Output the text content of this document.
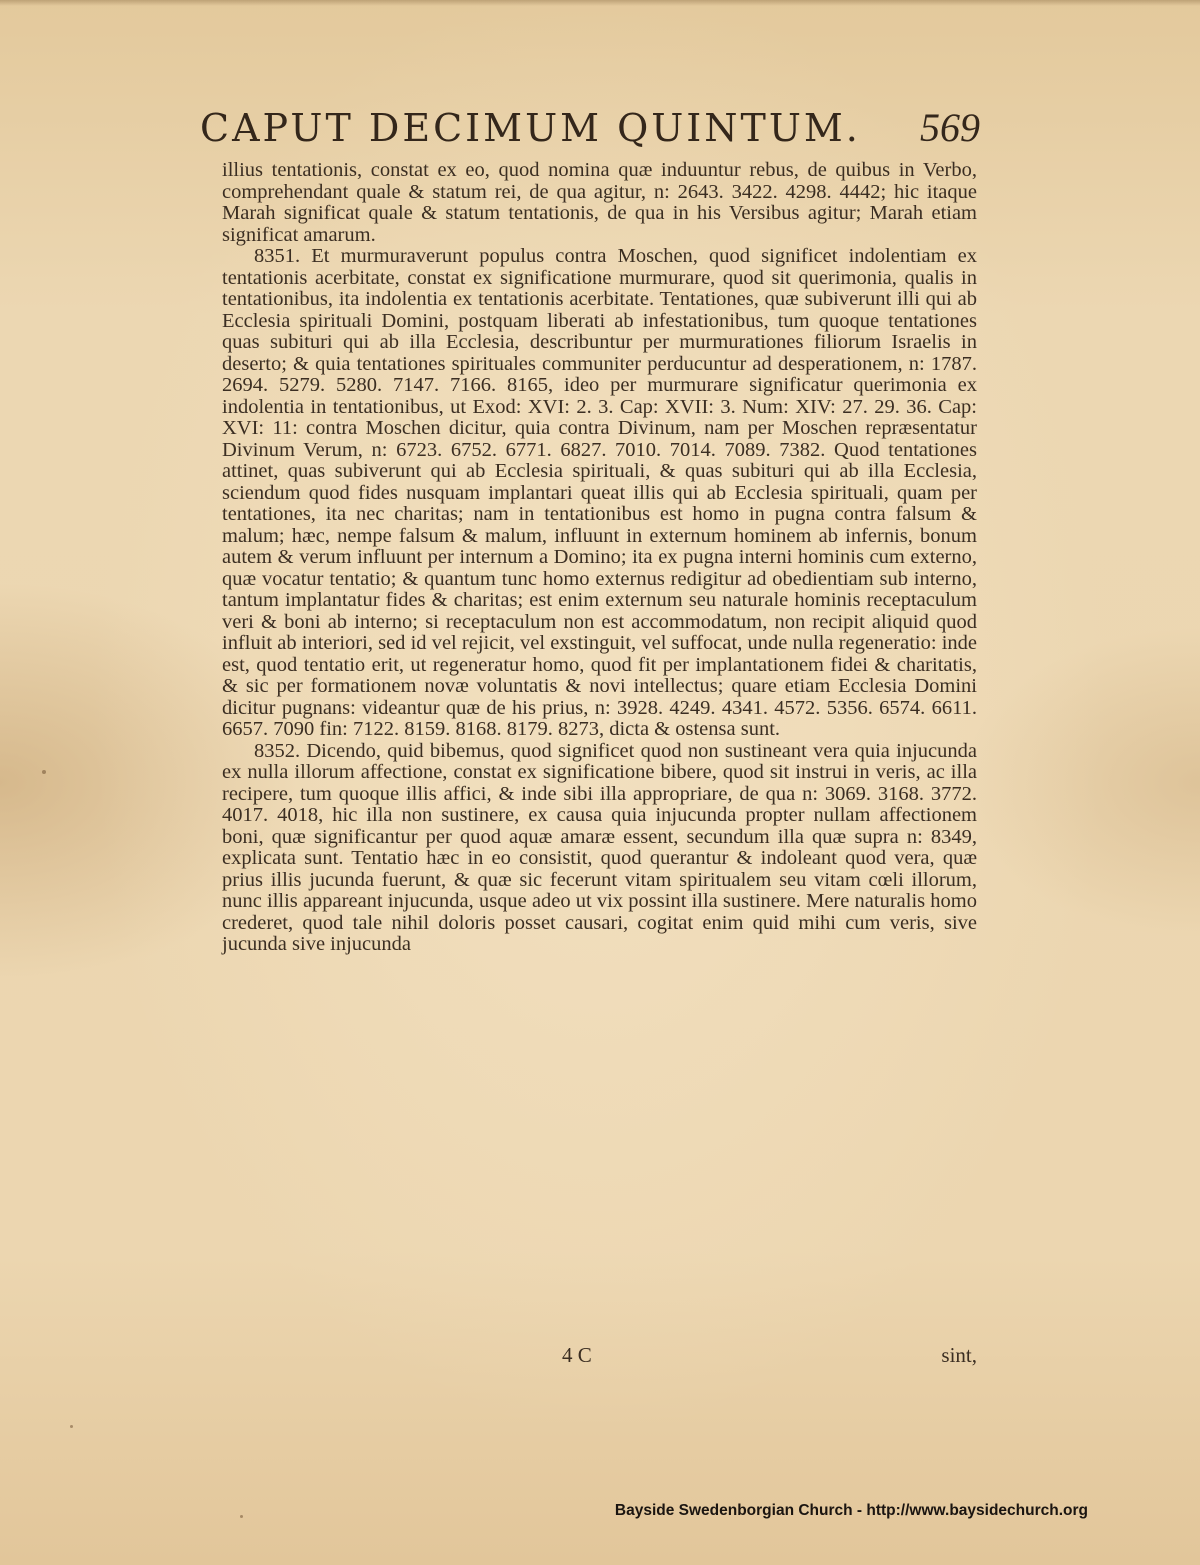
CAPUT DECIMUM QUINTUM. 569

illius tentationis, constat ex eo, quod nomina quæ induuntur rebus, de quibus in Verbo, comprehendant quale & statum rei, de qua agitur, n: 2643. 3422. 4298. 4442; hic itaque Marah significat quale & statum tentationis, de qua in his Versibus agitur; Marah etiam significat amarum.

8351. Et murmuraverunt populus contra Moschen, quod significet indolentiam ex tentationis acerbitate, constat ex significatione murmurare, quod sit querimonia, qualis in tentationibus, ita indolentia ex tentationis acerbitate. Tentationes, quæ subiverunt illi qui ab Ecclesia spirituali Domini, postquam liberati ab infestationibus, tum quoque tentationes quas subituri qui ab illa Ecclesia, describuntur per murmurationes filiorum Israelis in deserto; & quia tentationes spirituales communiter perducuntur ad desperationem, n: 1787. 2694. 5279. 5280. 7147. 7166. 8165, ideo per murmurare significatur querimonia ex indolentia in tentationibus, ut Exod: XVI: 2. 3. Cap: XVII: 3. Num: XIV: 27. 29. 36. Cap: XVI: 11: contra Moschen dicitur, quia contra Divinum, nam per Moschen repræsentatur Divinum Verum, n: 6723. 6752. 6771. 6827. 7010. 7014. 7089. 7382. Quod tentationes attinet, quas subiverunt qui ab Ecclesia spirituali, & quas subituri qui ab illa Ecclesia, sciendum quod fides nusquam implantari queat illis qui ab Ecclesia spirituali, quam per tentationes, ita nec charitas; nam in tentationibus est homo in pugna contra falsum & malum; hæc, nempe falsum & malum, influunt in externum hominem ab infernis, bonum autem & verum influunt per internum a Domino; ita ex pugna interni hominis cum externo, quæ vocatur tentatio; & quantum tunc homo externus redigitur ad obedientiam sub interno, tantum implantatur fides & charitas; est enim externum seu naturale hominis receptaculum veri & boni ab interno; si receptaculum non est accommodatum, non recipit aliquid quod influit ab interiori, sed id vel rejicit, vel exstinguit, vel suffocat, unde nulla regeneratio: inde est, quod tentatio erit, ut regeneratur homo, quod fit per implantationem fidei & charitatis, & sic per formationem novæ voluntatis & novi intellectus; quare etiam Ecclesia Domini dicitur pugnans: videantur quæ de his prius, n: 3928. 4249. 4341. 4572. 5356. 6574. 6611. 6657. 7090 fin: 7122. 8159. 8168. 8179. 8273, dicta & ostensa sunt.

8352. Dicendo, quid bibemus, quod significet quod non sustineant vera quia injucunda ex nulla illorum affectione, constat ex significatione bibere, quod sit instrui in veris, ac illa recipere, tum quoque illis affici, & inde sibi illa appropriare, de qua n: 3069. 3168. 3772. 4017. 4018, hic illa non sustinere, ex causa quia injucunda propter nullam affectionem boni, quæ significantur per quod aquæ amaræ essent, secundum illa quæ supra n: 8349, explicata sunt. Tentatio hæc in eo consistit, quod querantur & indoleant quod vera, quæ prius illis jucunda fuerunt, & quæ sic fecerunt vitam spiritualem seu vitam cœli illorum, nunc illis appareant injucunda, usque adeo ut vix possint illa sustinere. Mere naturalis homo crederet, quod tale nihil doloris posset causari, cogitat enim quid mihi cum veris, sive jucunda sive injucunda

4 C	sint,
Bayside Swedenborgian Church - http://www.baysidechurch.org
